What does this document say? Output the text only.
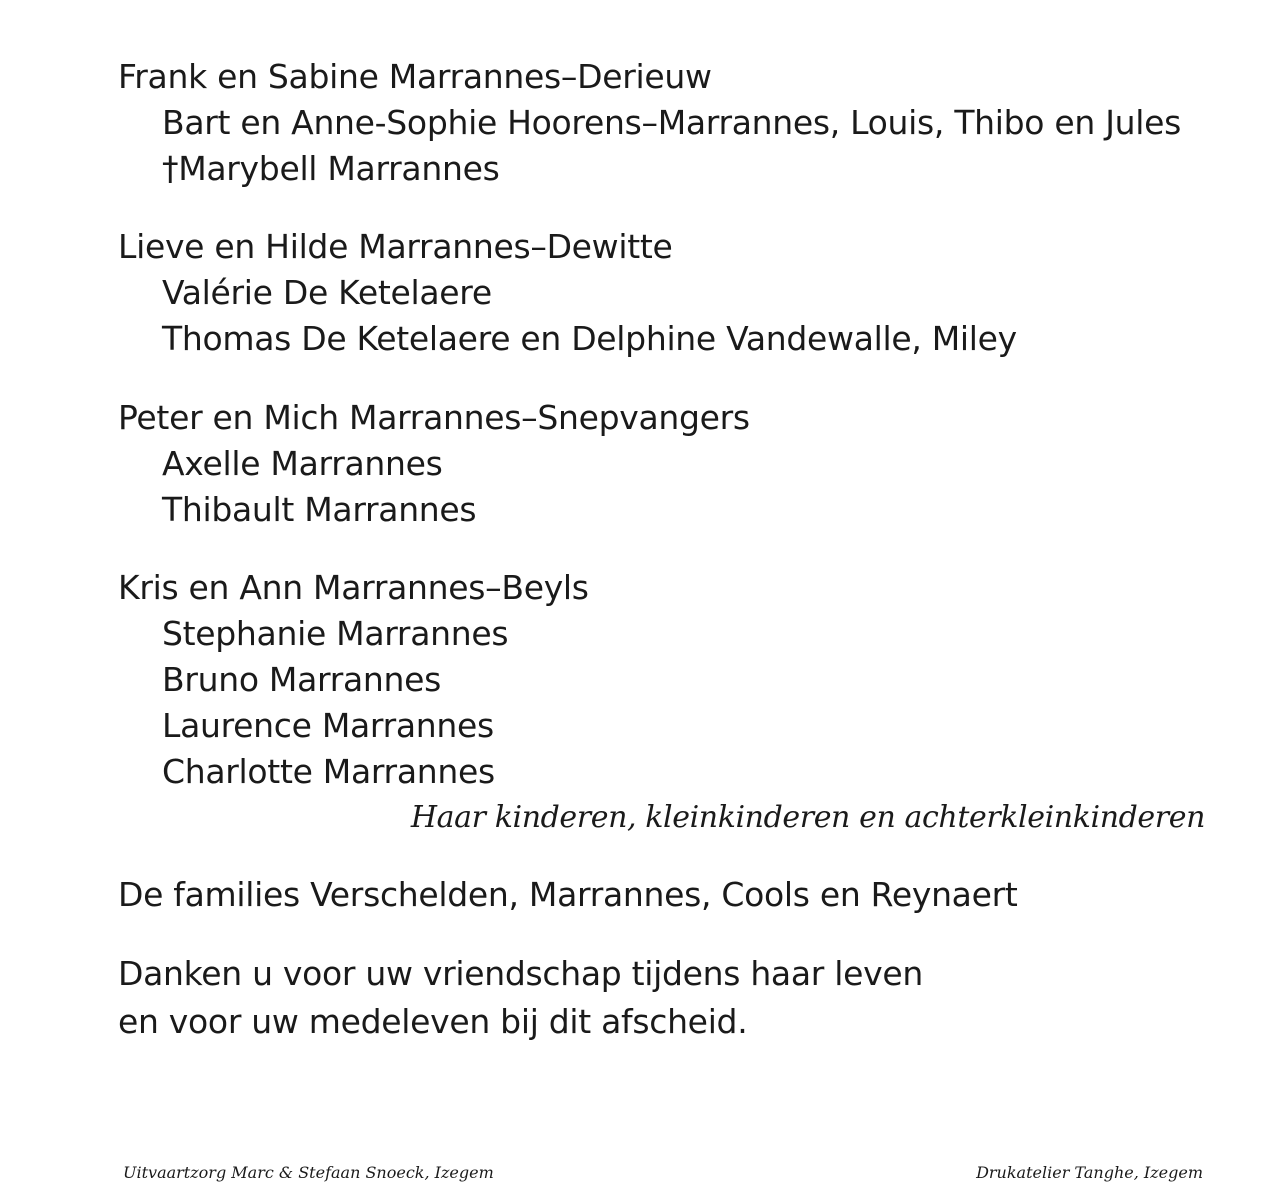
Frank en Sabine Marrannes–Derieuw
Bart en Anne-Sophie Hoorens–Marrannes, Louis, Thibo en Jules
†Marybell Marrannes
Lieve en Hilde Marrannes–Dewitte
Valérie De Ketelaere
Thomas De Ketelaere en Delphine Vandewalle, Miley
Peter en Mich Marrannes–Snepvangers
Axelle Marrannes
Thibault Marrannes
Kris en Ann Marrannes–Beyls
Stephanie Marrannes
Bruno Marrannes
Laurence Marrannes
Charlotte Marrannes
Haar kinderen, kleinkinderen en achterkleinkinderen
De families Verschelden, Marrannes, Cools en Reynaert
Danken u voor uw vriendschap tijdens haar leven
en voor uw medeleven bij dit afscheid.
Uitvaartzorg Marc & Stefaan Snoeck, Izegem	Drukatelier Tanghe, Izegem
